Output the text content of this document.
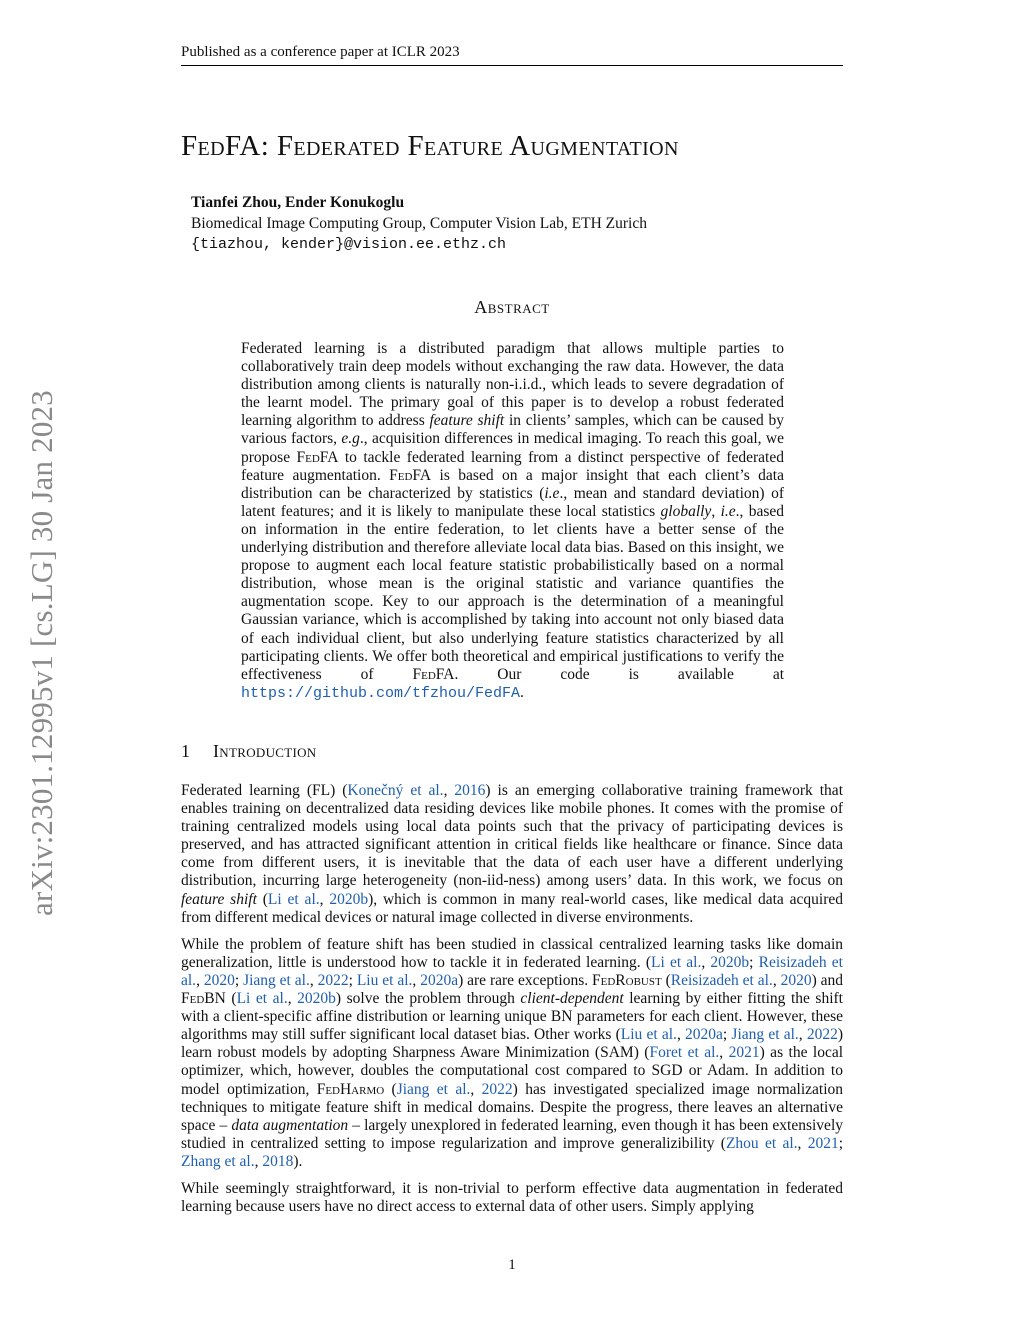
Published as a conference paper at ICLR 2023
arXiv:2301.12995v1 [cs.LG] 30 Jan 2023
FedFA: Federated Feature Augmentation
Tianfei Zhou, Ender Konukoglu
Biomedical Image Computing Group, Computer Vision Lab, ETH Zurich
{tiazhou, kender}@vision.ee.ethz.ch
Abstract
Federated learning is a distributed paradigm that allows multiple parties to collaboratively train deep models without exchanging the raw data. However, the data distribution among clients is naturally non-i.i.d., which leads to severe degradation of the learnt model. The primary goal of this paper is to develop a robust federated learning algorithm to address feature shift in clients’ samples, which can be caused by various factors, e.g., acquisition differences in medical imaging. To reach this goal, we propose FedFA to tackle federated learning from a distinct perspective of federated feature augmentation. FedFA is based on a major insight that each client’s data distribution can be characterized by statistics (i.e., mean and standard deviation) of latent features; and it is likely to manipulate these local statistics globally, i.e., based on information in the entire federation, to let clients have a better sense of the underlying distribution and therefore alleviate local data bias. Based on this insight, we propose to augment each local feature statistic probabilistically based on a normal distribution, whose mean is the original statistic and variance quantifies the augmentation scope. Key to our approach is the determination of a meaningful Gaussian variance, which is accomplished by taking into account not only biased data of each individual client, but also underlying feature statistics characterized by all participating clients. We offer both theoretical and empirical justifications to verify the effectiveness of FedFA. Our code is available at https://github.com/tfzhou/FedFA.
1 Introduction

Federated learning (FL) (Konečný et al., 2016) is an emerging collaborative training framework that enables training on decentralized data residing devices like mobile phones. It comes with the promise of training centralized models using local data points such that the privacy of participating devices is preserved, and has attracted significant attention in critical fields like healthcare or finance. Since data come from different users, it is inevitable that the data of each user have a different underlying distribution, incurring large heterogeneity (non-iid-ness) among users’ data. In this work, we focus on feature shift (Li et al., 2020b), which is common in many real-world cases, like medical data acquired from different medical devices or natural image collected in diverse environments.

While the problem of feature shift has been studied in classical centralized learning tasks like domain generalization, little is understood how to tackle it in federated learning. (Li et al., 2020b; Reisizadeh et al., 2020; Jiang et al., 2022; Liu et al., 2020a) are rare exceptions. FedRobust (Reisizadeh et al., 2020) and FedBN (Li et al., 2020b) solve the problem through client-dependent learning by either fitting the shift with a client-specific affine distribution or learning unique BN parameters for each client. However, these algorithms may still suffer significant local dataset bias. Other works (Liu et al., 2020a; Jiang et al., 2022) learn robust models by adopting Sharpness Aware Minimization (SAM) (Foret et al., 2021) as the local optimizer, which, however, doubles the computational cost compared to SGD or Adam. In addition to model optimization, FedHarmo (Jiang et al., 2022) has investigated specialized image normalization techniques to mitigate feature shift in medical domains. Despite the progress, there leaves an alternative space – data augmentation – largely unexplored in federated learning, even though it has been extensively studied in centralized setting to impose regularization and improve generalizibility (Zhou et al., 2021; Zhang et al., 2018).

While seemingly straightforward, it is non-trivial to perform effective data augmentation in federated learning because users have no direct access to external data of other users. Simply applying

1
